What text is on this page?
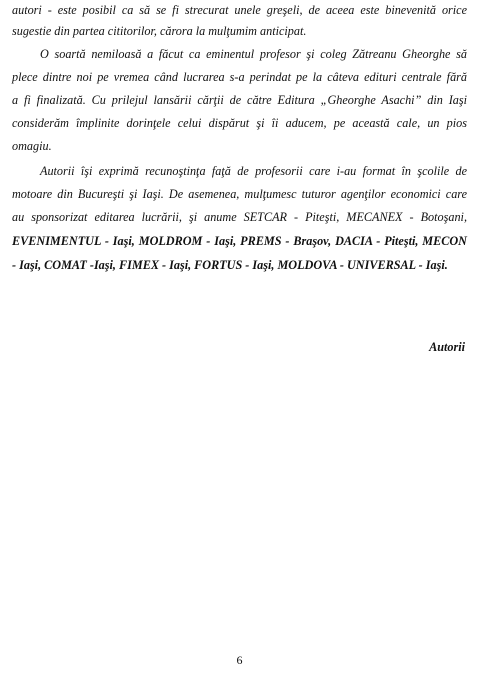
autori - este posibil ca să se fi strecurat unele greşeli, de aceea este binevenită orice
sugestie din partea cititorilor, cărora la mulţumim anticipat.
O soartă nemiloasă a făcut ca eminentul profesor şi coleg Zătreanu Gheorghe să
plece dintre noi pe vremea când lucrarea s-a perindat pe la câteva edituri centrale fără
a fi finalizată. Cu prilejul lansării cărţii de către Editura „Gheorghe Asachi” din Iaşi
considerăm împlinite dorinţele celui dispărut şi îi aducem, pe această cale, un pios
omagiu.
Autorii îşi exprimă recunoştinţa faţă de profesorii care i-au format în şcolile de
motoare din Bucureşti şi Iaşi. De asemenea, mulţumesc tuturor agenţilor economici care
au sponsorizat editarea lucrării, şi anume SETCAR - Piteşti, MECANEX - Botoşani,
EVENIMENTUL - Iaşi, MOLDROM - Iaşi, PREMS - Braşov, DACIA - Piteşti, MECON
- Iaşi, COMAT -Iaşi, FIMEX - Iaşi, FORTUS - Iaşi, MOLDOVA - UNIVERSAL - Iaşi.
Autorii
6
